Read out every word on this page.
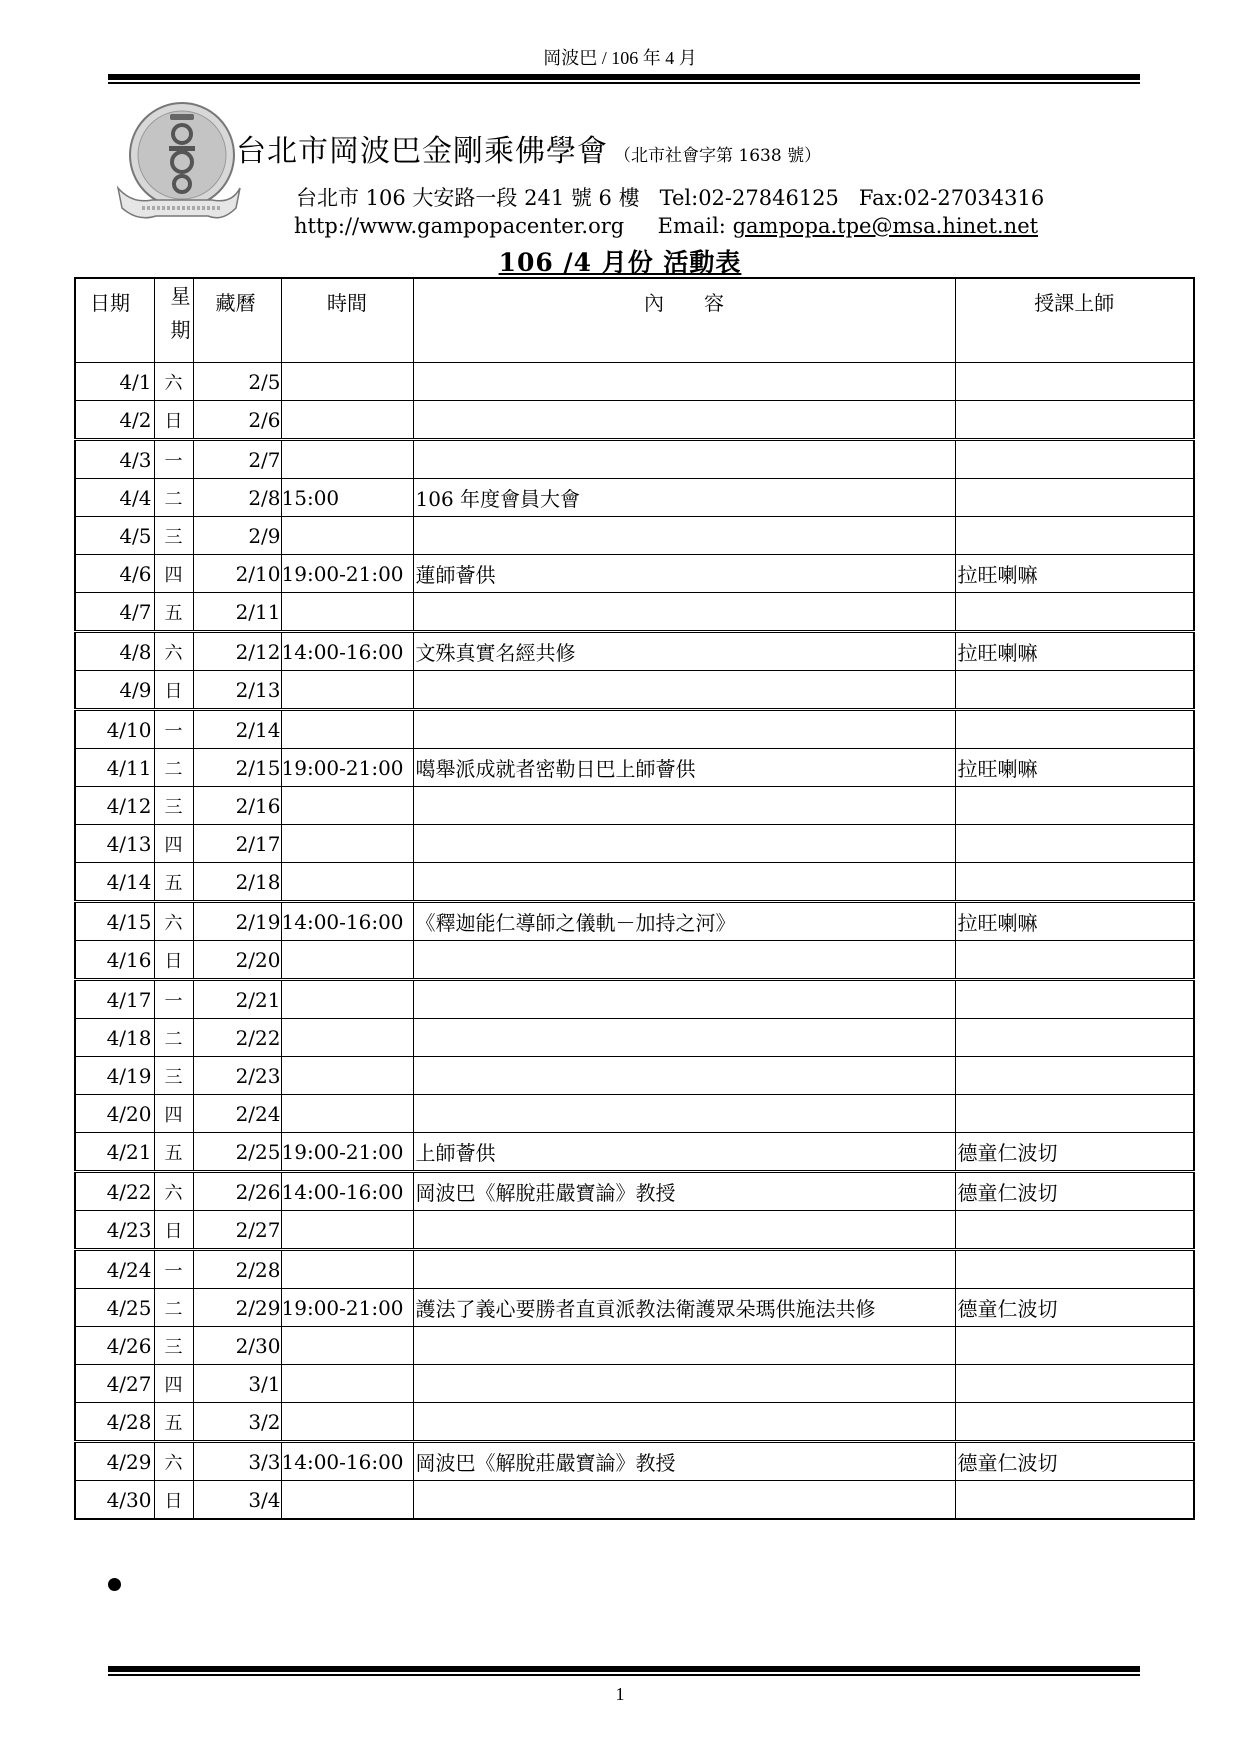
岡波巴 / 106 年 4 月
台北市岡波巴金剛乘佛學會 （北市社會字第 1638 號）
台北市 106 大安路一段 241 號 6 樓   Tel:02-27846125   Fax:02-27034316
http://www.gampopacenter.org Email: gampopa.tpe@msa.hinet.net
106 /4 月份 活動表
日期	星期	藏曆	時間	內　　容	授課上師
4/1	六	2/5			
4/2	日	2/6			
4/3	一	2/7			
4/4	二	2/8	15:00	106 年度會員大會	
4/5	三	2/9			
4/6	四	2/10	19:00-21:00	蓮師薈供	拉旺喇嘛
4/7	五	2/11			
4/8	六	2/12	14:00-16:00	文殊真實名經共修	拉旺喇嘛
4/9	日	2/13			
4/10	一	2/14			
4/11	二	2/15	19:00-21:00	噶舉派成就者密勒日巴上師薈供	拉旺喇嘛
4/12	三	2/16			
4/13	四	2/17			
4/14	五	2/18			
4/15	六	2/19	14:00-16:00	《釋迦能仁導師之儀軌－加持之河》	拉旺喇嘛
4/16	日	2/20			
4/17	一	2/21			
4/18	二	2/22			
4/19	三	2/23			
4/20	四	2/24			
4/21	五	2/25	19:00-21:00	上師薈供	德童仁波切
4/22	六	2/26	14:00-16:00	岡波巴《解脫莊嚴寶論》教授	德童仁波切
4/23	日	2/27			
4/24	一	2/28			
4/25	二	2/29	19:00-21:00	護法了義心要勝者直貢派教法衛護眾朵瑪供施法共修	德童仁波切
4/26	三	2/30			
4/27	四	3/1			
4/28	五	3/2			
4/29	六	3/3	14:00-16:00	岡波巴《解脫莊嚴寶論》教授	德童仁波切
4/30	日	3/4			
1
